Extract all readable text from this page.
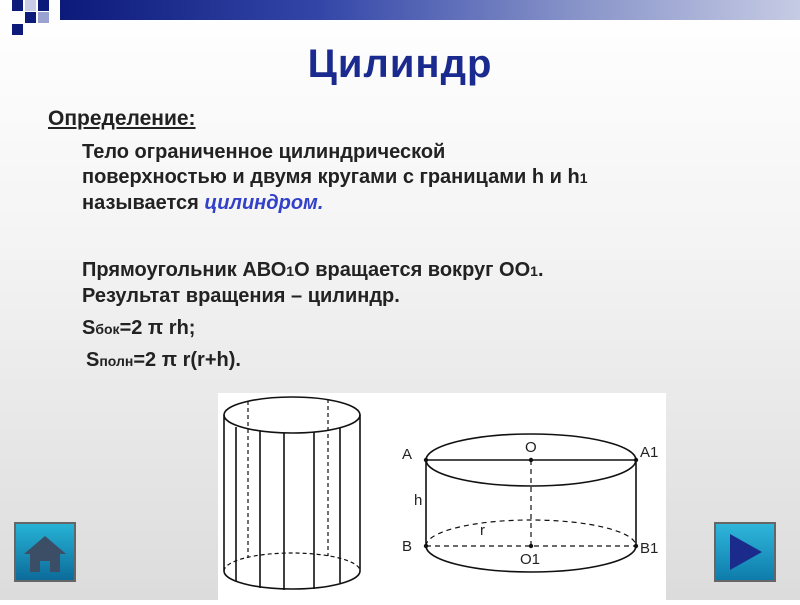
Цилиндр
Определение:
Тело ограниченное цилиндрической
поверхностью и двумя кругами с границами h и h1
называется цилиндром.
Прямоугольник АВО1О вращается вокруг ОО1.
Результат вращения – цилиндр.
Sбок=2 π rh;
Sполн=2 π r(r+h).
A	A1
O
B	B1
O1
h
r
